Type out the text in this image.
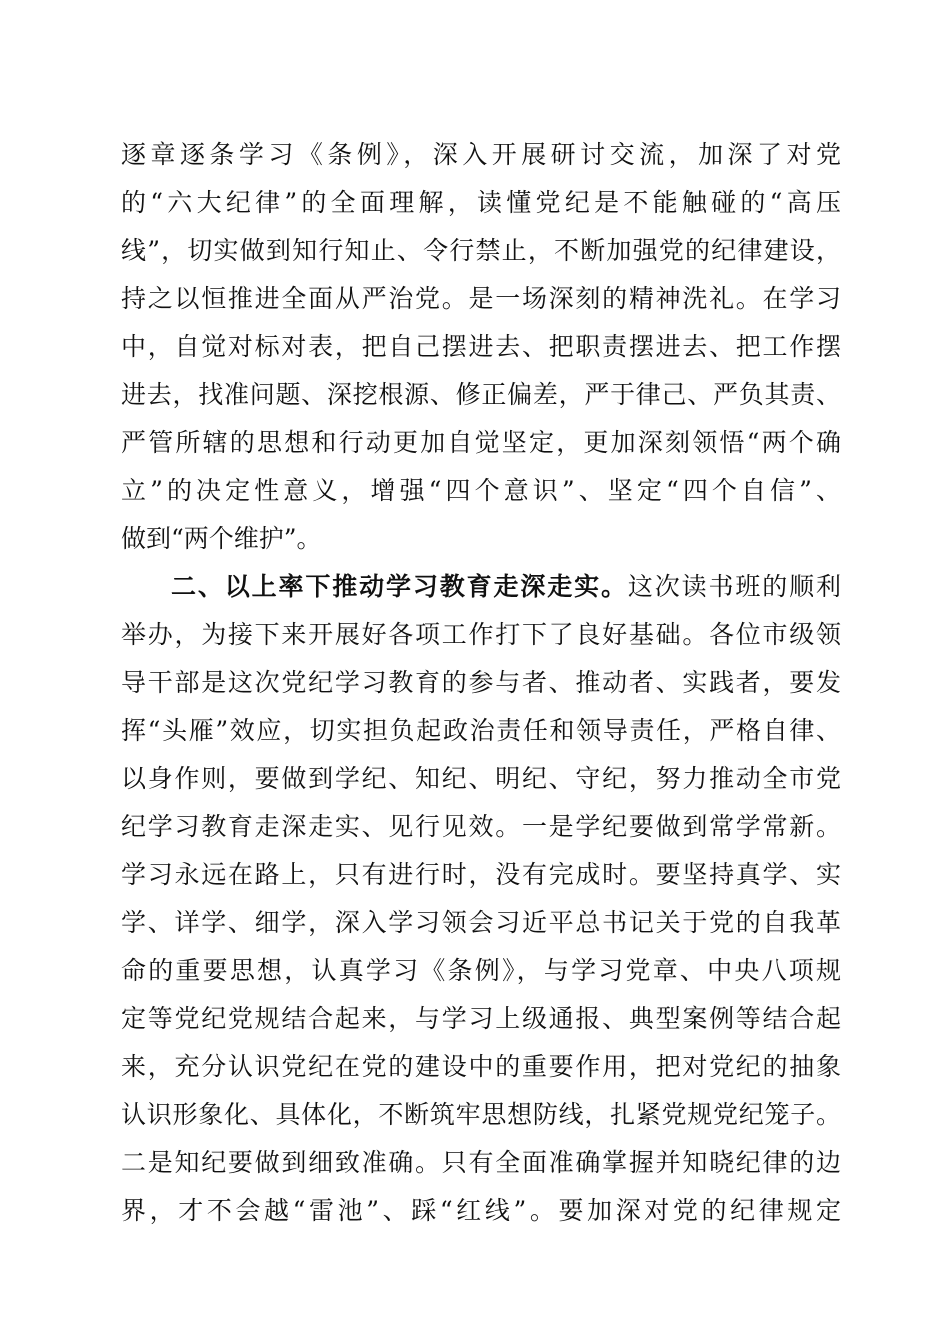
逐章逐条学习《条例》，深入开展研讨交流，加深了对党
的“六大纪律”的全面理解，读懂党纪是不能触碰的“高压
线”，切实做到知行知止、令行禁止，不断加强党的纪律建设，
持之以恒推进全面从严治党。是一场深刻的精神洗礼。在学习
中，自觉对标对表，把自己摆进去、把职责摆进去、把工作摆
进去，找准问题、深挖根源、修正偏差，严于律己、严负其责、
严管所辖的思想和行动更加自觉坚定，更加深刻领悟“两个确
立”的决定性意义，增强“四个意识”、坚定“四个自信”、
做到“两个维护”。
二、以上率下推动学习教育走深走实。这次读书班的顺利
举办，为接下来开展好各项工作打下了良好基础。各位市级领
导干部是这次党纪学习教育的参与者、推动者、实践者，要发
挥“头雁”效应，切实担负起政治责任和领导责任，严格自律、
以身作则，要做到学纪、知纪、明纪、守纪，努力推动全市党
纪学习教育走深走实、见行见效。一是学纪要做到常学常新。
学习永远在路上，只有进行时，没有完成时。要坚持真学、实
学、详学、细学，深入学习领会习近平总书记关于党的自我革
命的重要思想，认真学习《条例》，与学习党章、中央八项规
定等党纪党规结合起来，与学习上级通报、典型案例等结合起
来，充分认识党纪在党的建设中的重要作用，把对党纪的抽象
认识形象化、具体化，不断筑牢思想防线，扎紧党规党纪笼子。
二是知纪要做到细致准确。只有全面准确掌握并知晓纪律的边
界，才不会越“雷池”、踩“红线”。要加深对党的纪律规定
